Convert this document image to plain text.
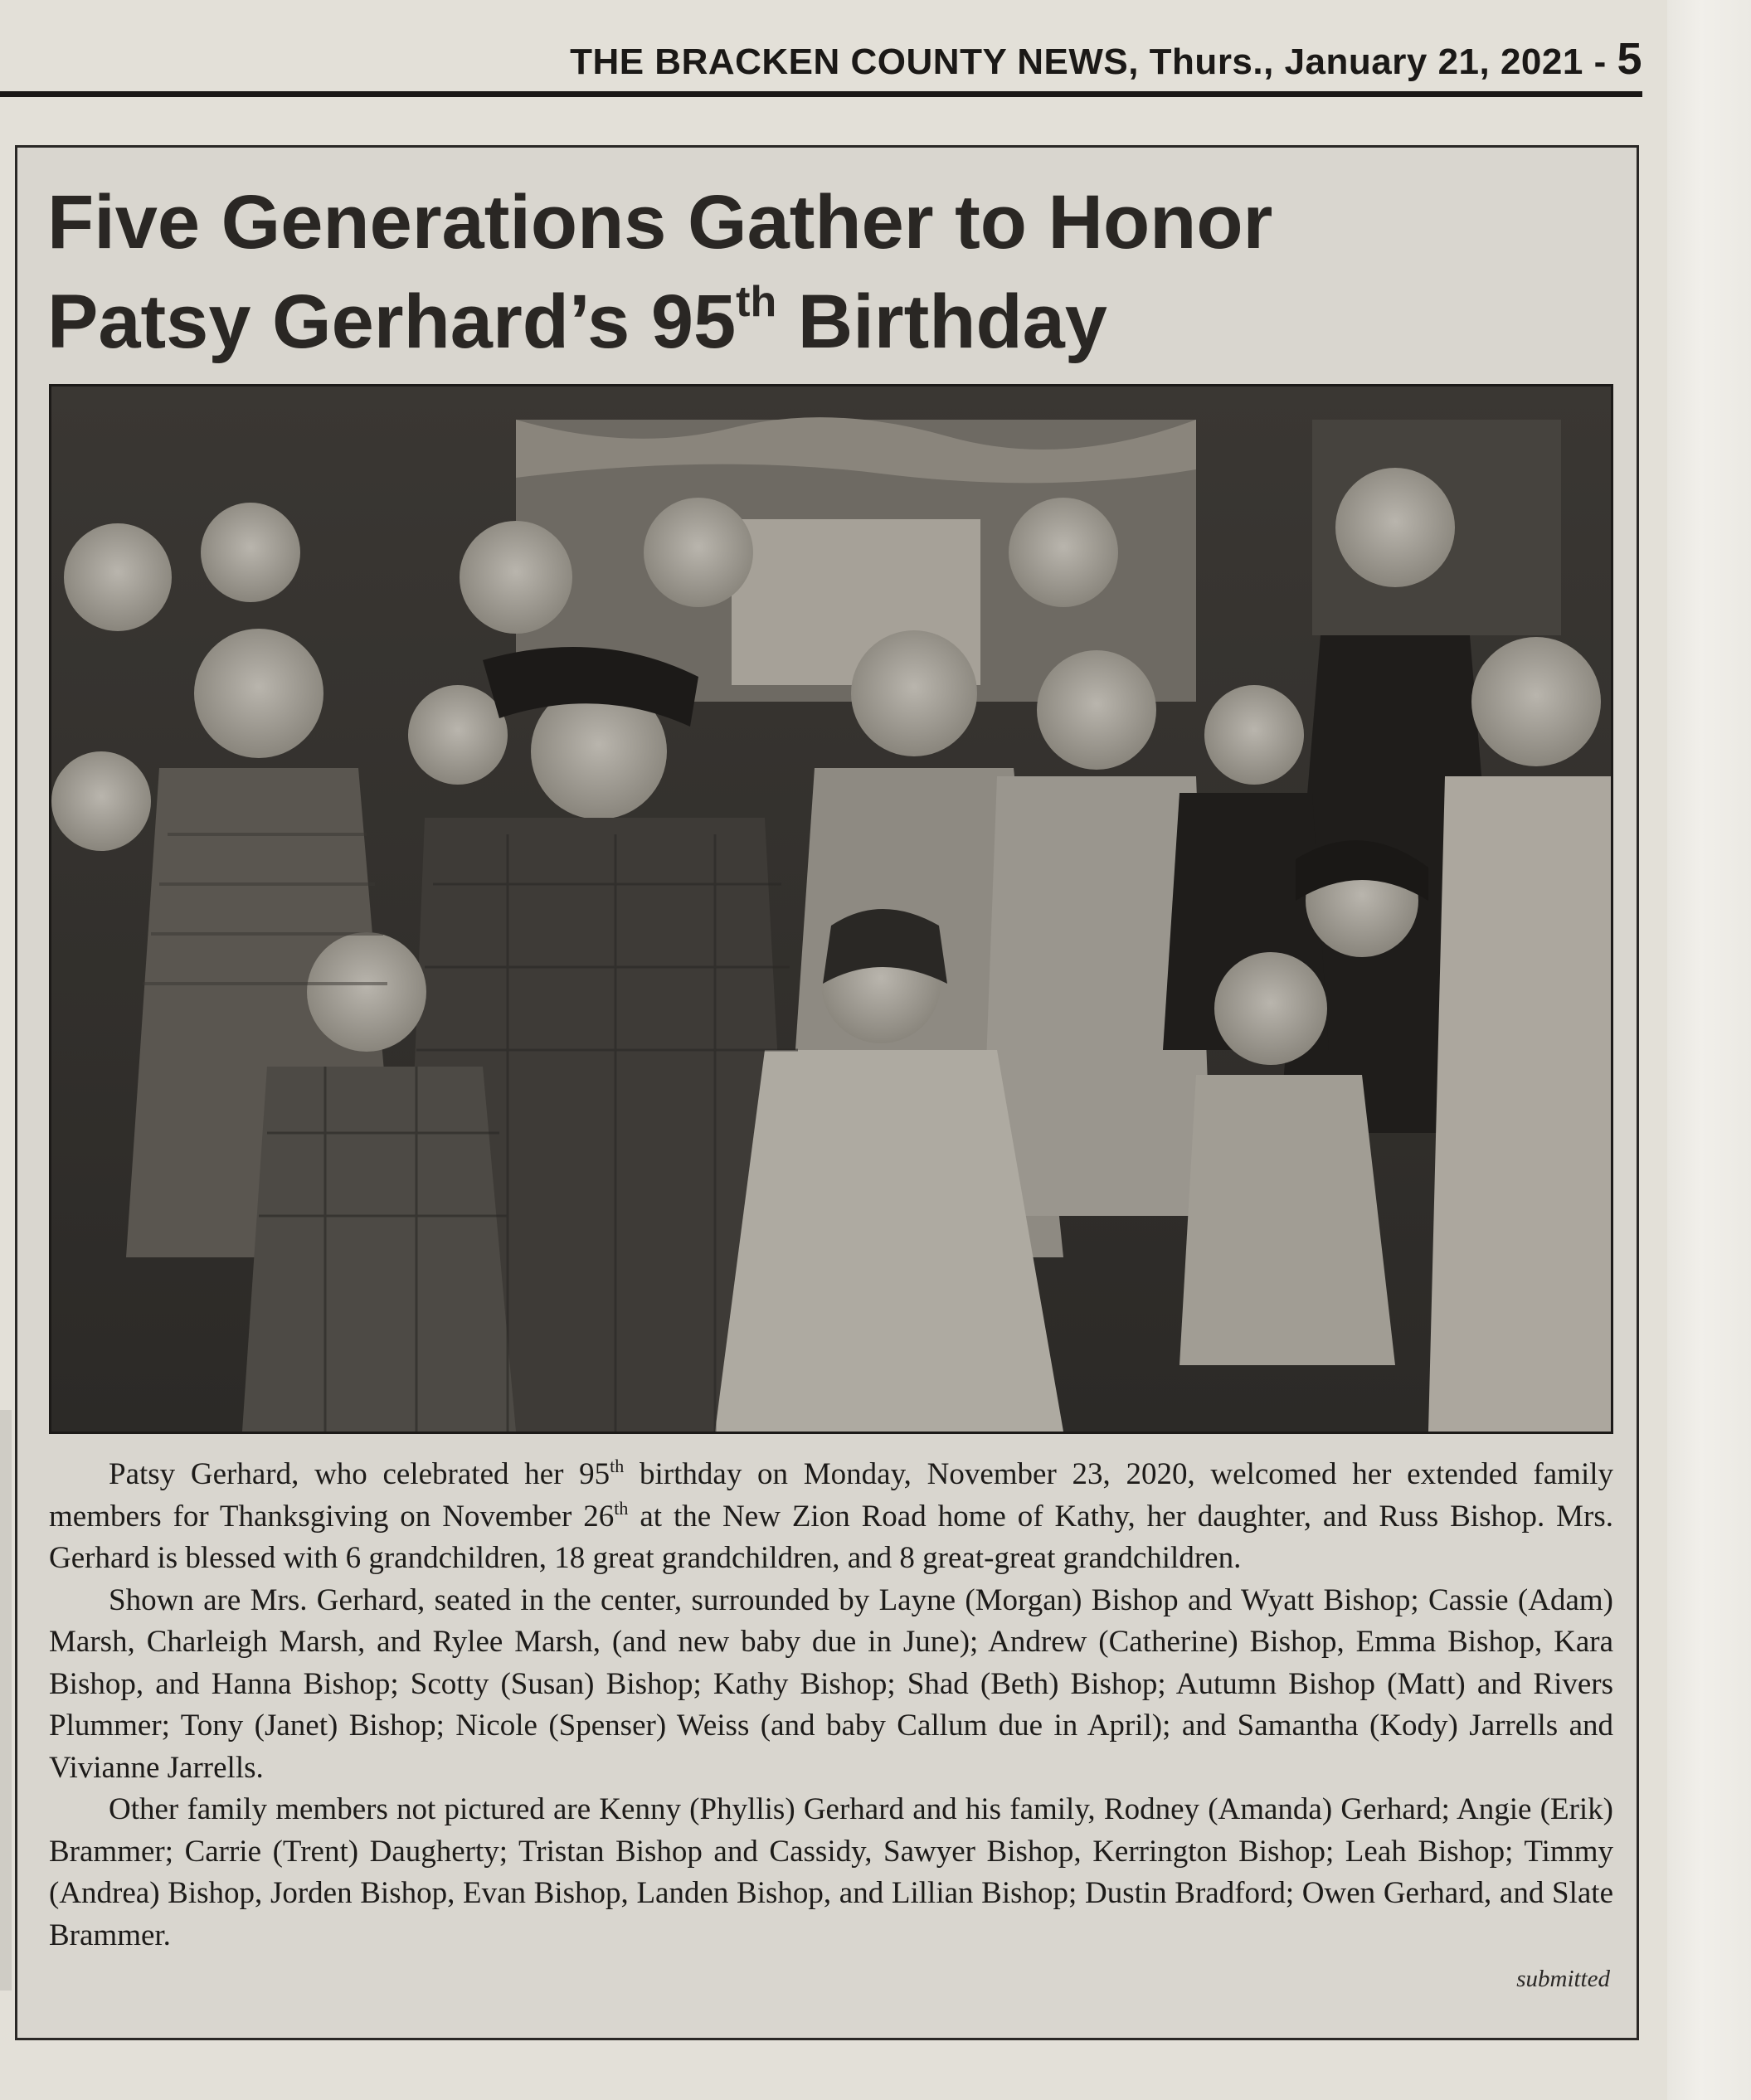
THE BRACKEN COUNTY NEWS, Thurs., January 21, 2021 - 5
Five Generations Gather to Honor
Patsy Gerhard’s 95th Birthday

Patsy Gerhard, who celebrated her 95th birthday on Monday, November 23, 2020, welcomed her extended family members for Thanksgiving on November 26th at the New Zion Road home of Kathy, her daughter, and Russ Bishop. Mrs. Gerhard is blessed with 6 grandchildren, 18 great grandchildren, and 8 great-great grandchildren.

Shown are Mrs. Gerhard, seated in the center, surrounded by Layne (Morgan) Bishop and Wyatt Bishop; Cassie (Adam) Marsh, Charleigh Marsh, and Rylee Marsh, (and new baby due in June); Andrew (Catherine) Bishop, Emma Bishop, Kara Bishop, and Hanna Bishop; Scotty (Susan) Bishop; Kathy Bishop; Shad (Beth) Bishop; Autumn Bishop (Matt) and Rivers Plummer; Tony (Janet) Bishop; Nicole (Spenser) Weiss (and baby Callum due in April); and Samantha (Kody) Jarrells and Vivianne Jarrells.

Other family members not pictured are Kenny (Phyllis) Gerhard and his family, Rodney (Amanda) Gerhard; Angie (Erik) Brammer; Carrie (Trent) Daugherty; Tristan Bishop and Cassidy, Sawyer Bishop, Kerrington Bishop; Leah Bishop; Timmy (Andrea) Bishop, Jorden Bishop, Evan Bishop, Landen Bishop, and Lillian Bishop; Dustin Bradford; Owen Gerhard, and Slate Brammer.

submitted
